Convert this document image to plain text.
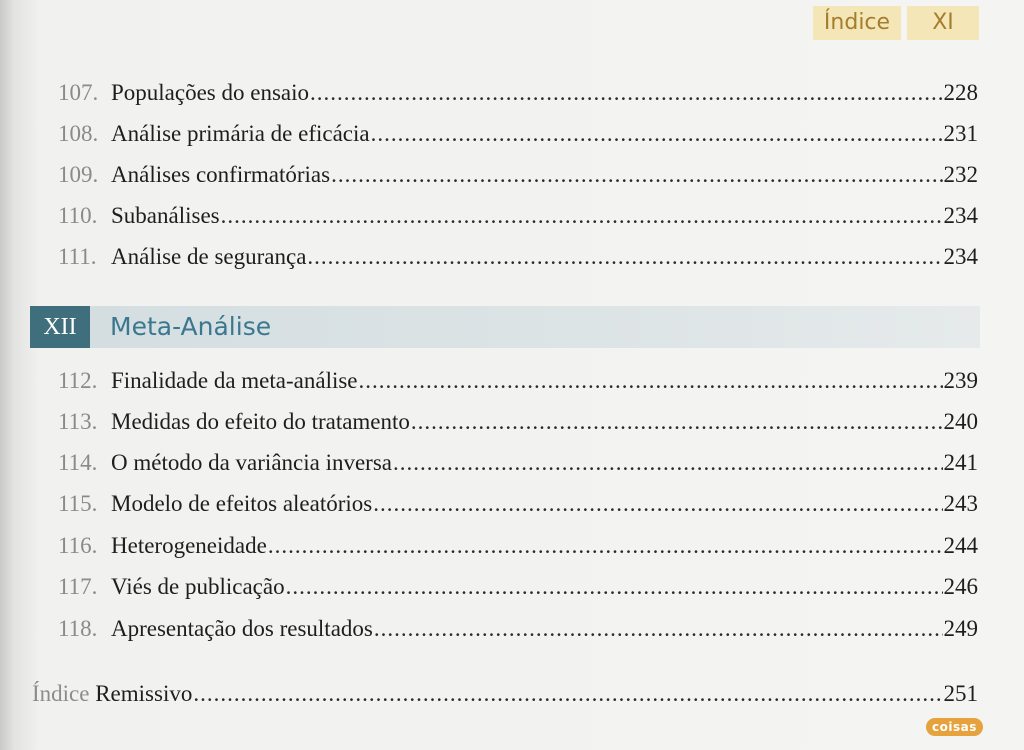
Índice	XI
107. Populações do ensaio .....	228
108. Análise primária de eficácia .....	231
109. Análises confirmatórias .....	232
110. Subanálises .....	234
111. Análise de segurança .....	234
XII	Meta-Análise
112. Finalidade da meta-análise .....	239
113. Medidas do efeito do tratamento .....	240
114. O método da variância inversa .....	241
115. Modelo de efeitos aleatórios .....	243
116. Heterogeneidade .....	244
117. Viés de publicação .....	246
118. Apresentação dos resultados .....	249
Índice Remissivo .....	251
coisas
